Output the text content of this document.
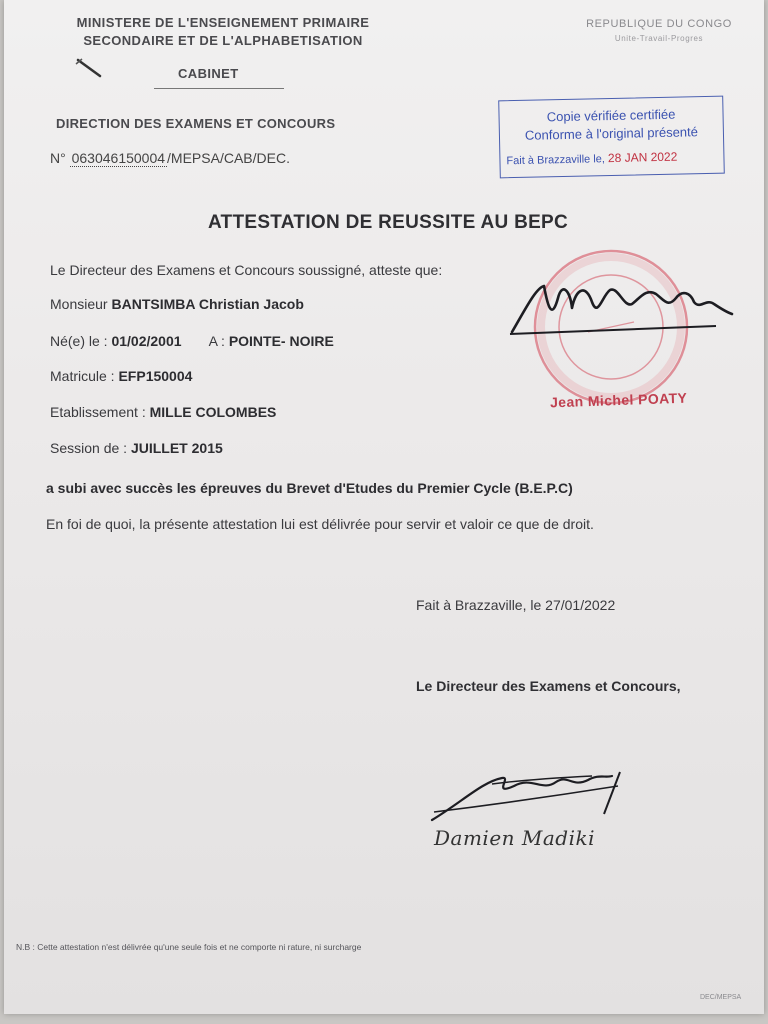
MINISTERE DE L'ENSEIGNEMENT PRIMAIRE
SECONDAIRE ET DE L'ALPHABETISATION
CABINET
DIRECTION DES EXAMENS ET CONCOURS
N° 063046150004 /MEPSA/CAB/DEC.
REPUBLIQUE DU CONGO
Unite-Travail-Progres
Copie vérifiée certifiée
Conforme à l'original présenté
Fait à Brazzaville le, 28 JAN 2022
ATTESTATION DE REUSSITE AU BEPC
Le Directeur des Examens et Concours soussigné, atteste que:
Monsieur BANTSIMBA Christian Jacob
Né(e) le : 01/02/2001 A : POINTE- NOIRE
Matricule : EFP150004
Etablissement : MILLE COLOMBES
Session de : JUILLET 2015
a subi avec succès les épreuves du Brevet d'Etudes du Premier Cycle (B.E.P.C)
En foi de quoi, la présente attestation lui est délivrée pour servir et valoir ce que de droit.
Jean Michel POATY
Fait à Brazzaville, le 27/01/2022
Le Directeur des Examens et Concours,
Damien Madiki
N.B : Cette attestation n'est délivrée qu'une seule fois et ne comporte ni rature, ni surcharge
DEC/MEPSA
